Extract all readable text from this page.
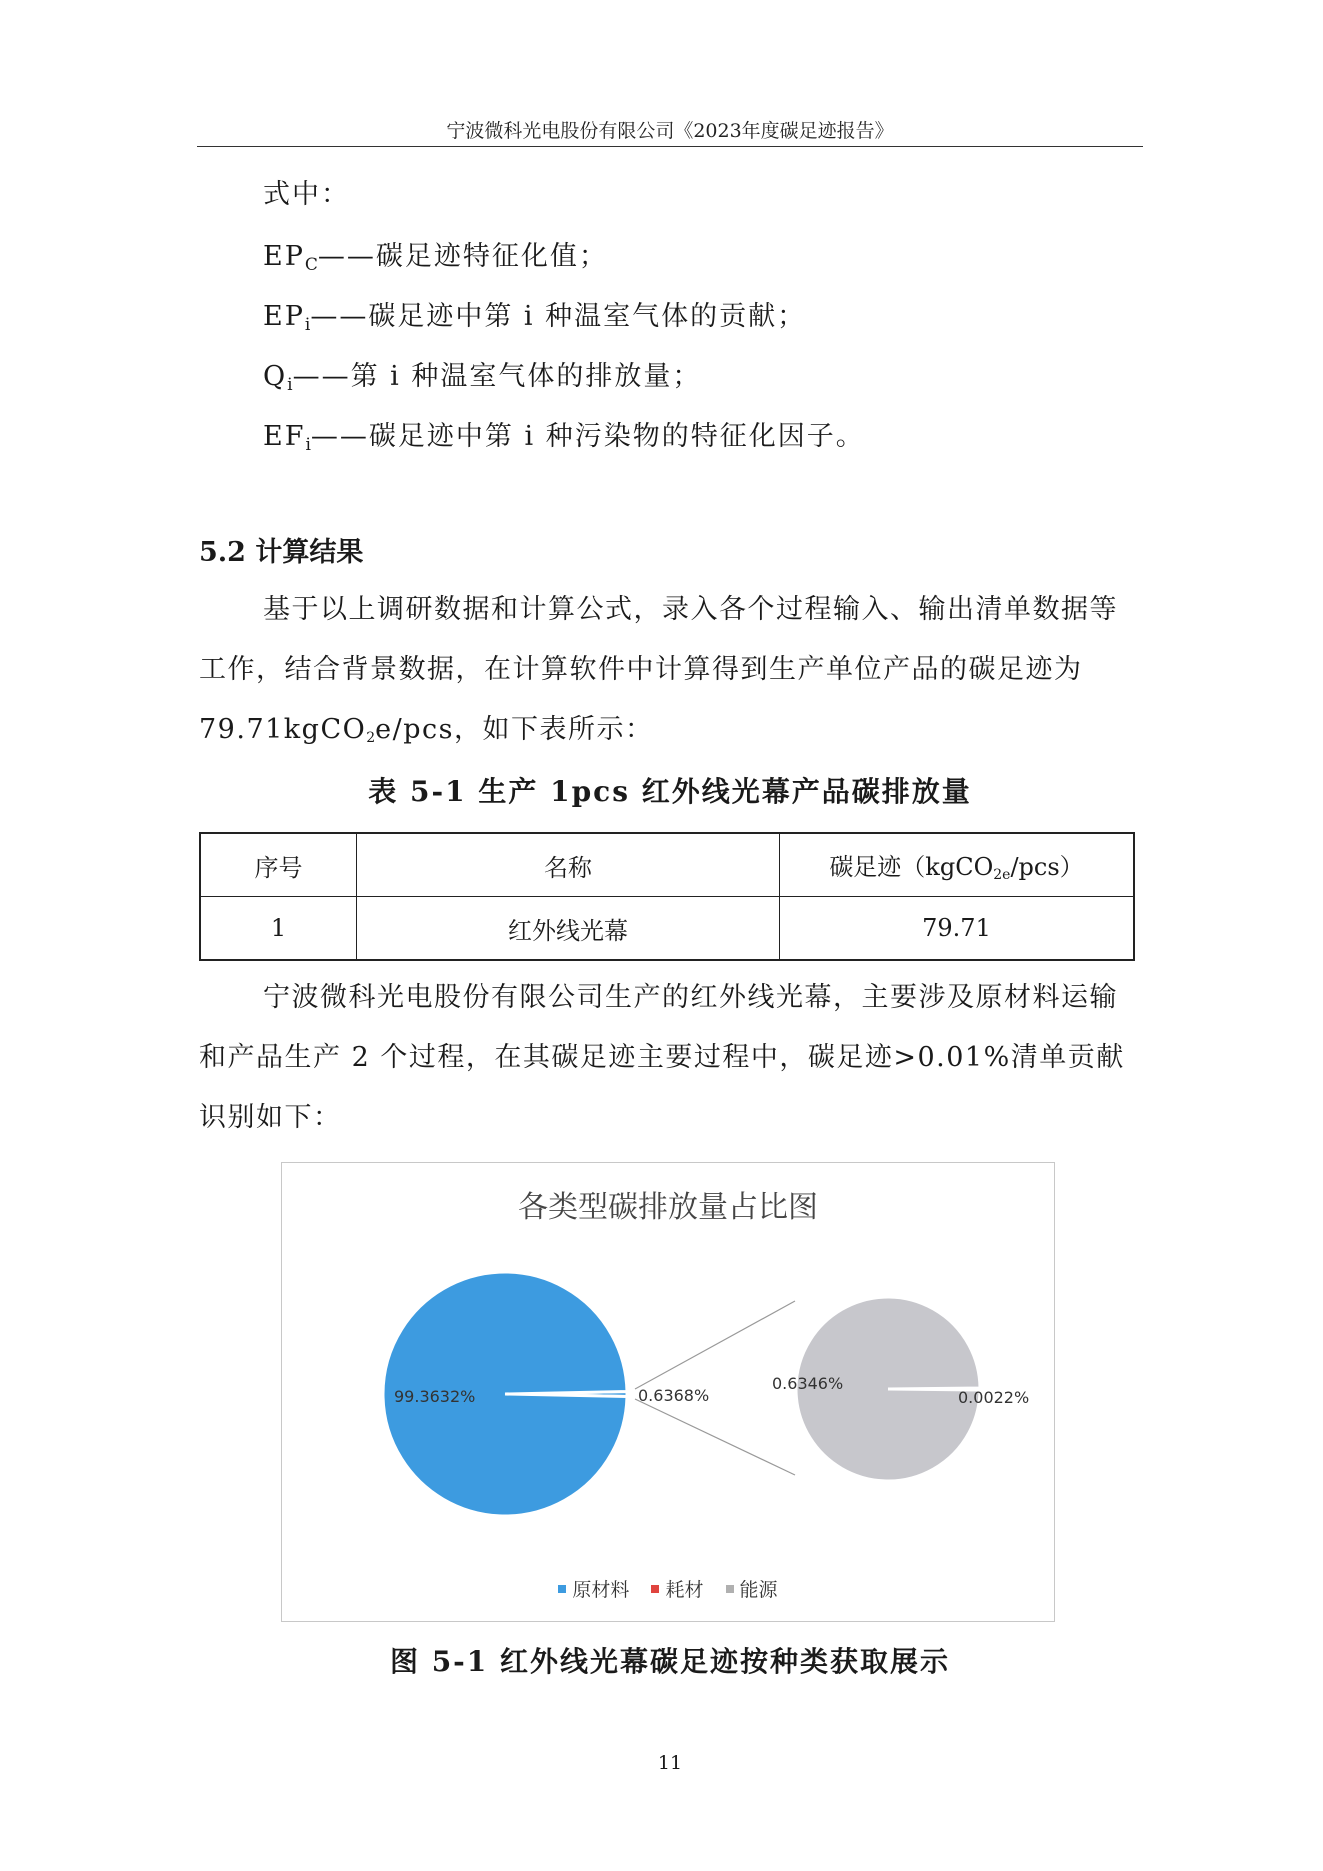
宁波微科光电股份有限公司《2023年度碳足迹报告》
式中：
$EP_C——$碳足迹特征化值；
$EP_i——$碳足迹中第 i 种温室气体的贡献；
$Q_i——$第 i 种温室气体的排放量；
$EF_i——$碳足迹中第 i 种污染物的特征化因子。
5.2 计算结果

基于以上调研数据和计算公式，录入各个过程输入、输出清单数据等工作，结合背景数据，在计算软件中计算得到生产单位产品的碳足迹为 79.71kgCO2e/pcs，如下表所示：

表 5-1 生产 1pcs 红外线光幕产品碳排放量
序号	名称	碳足迹（kgCO2e/pcs）
1	红外线光幕	79.71

宁波微科光电股份有限公司生产的红外线光幕，主要涉及原材料运输和产品生产 2 个过程，在其碳足迹主要过程中，碳足迹>0.01%清单贡献识别如下：

各类型碳排放量占比图
99.3632%	0.6368%
0.6346%
0.0022%
原材料 耗材 能源
图 5-1 红外线光幕碳足迹按种类获取展示
11
